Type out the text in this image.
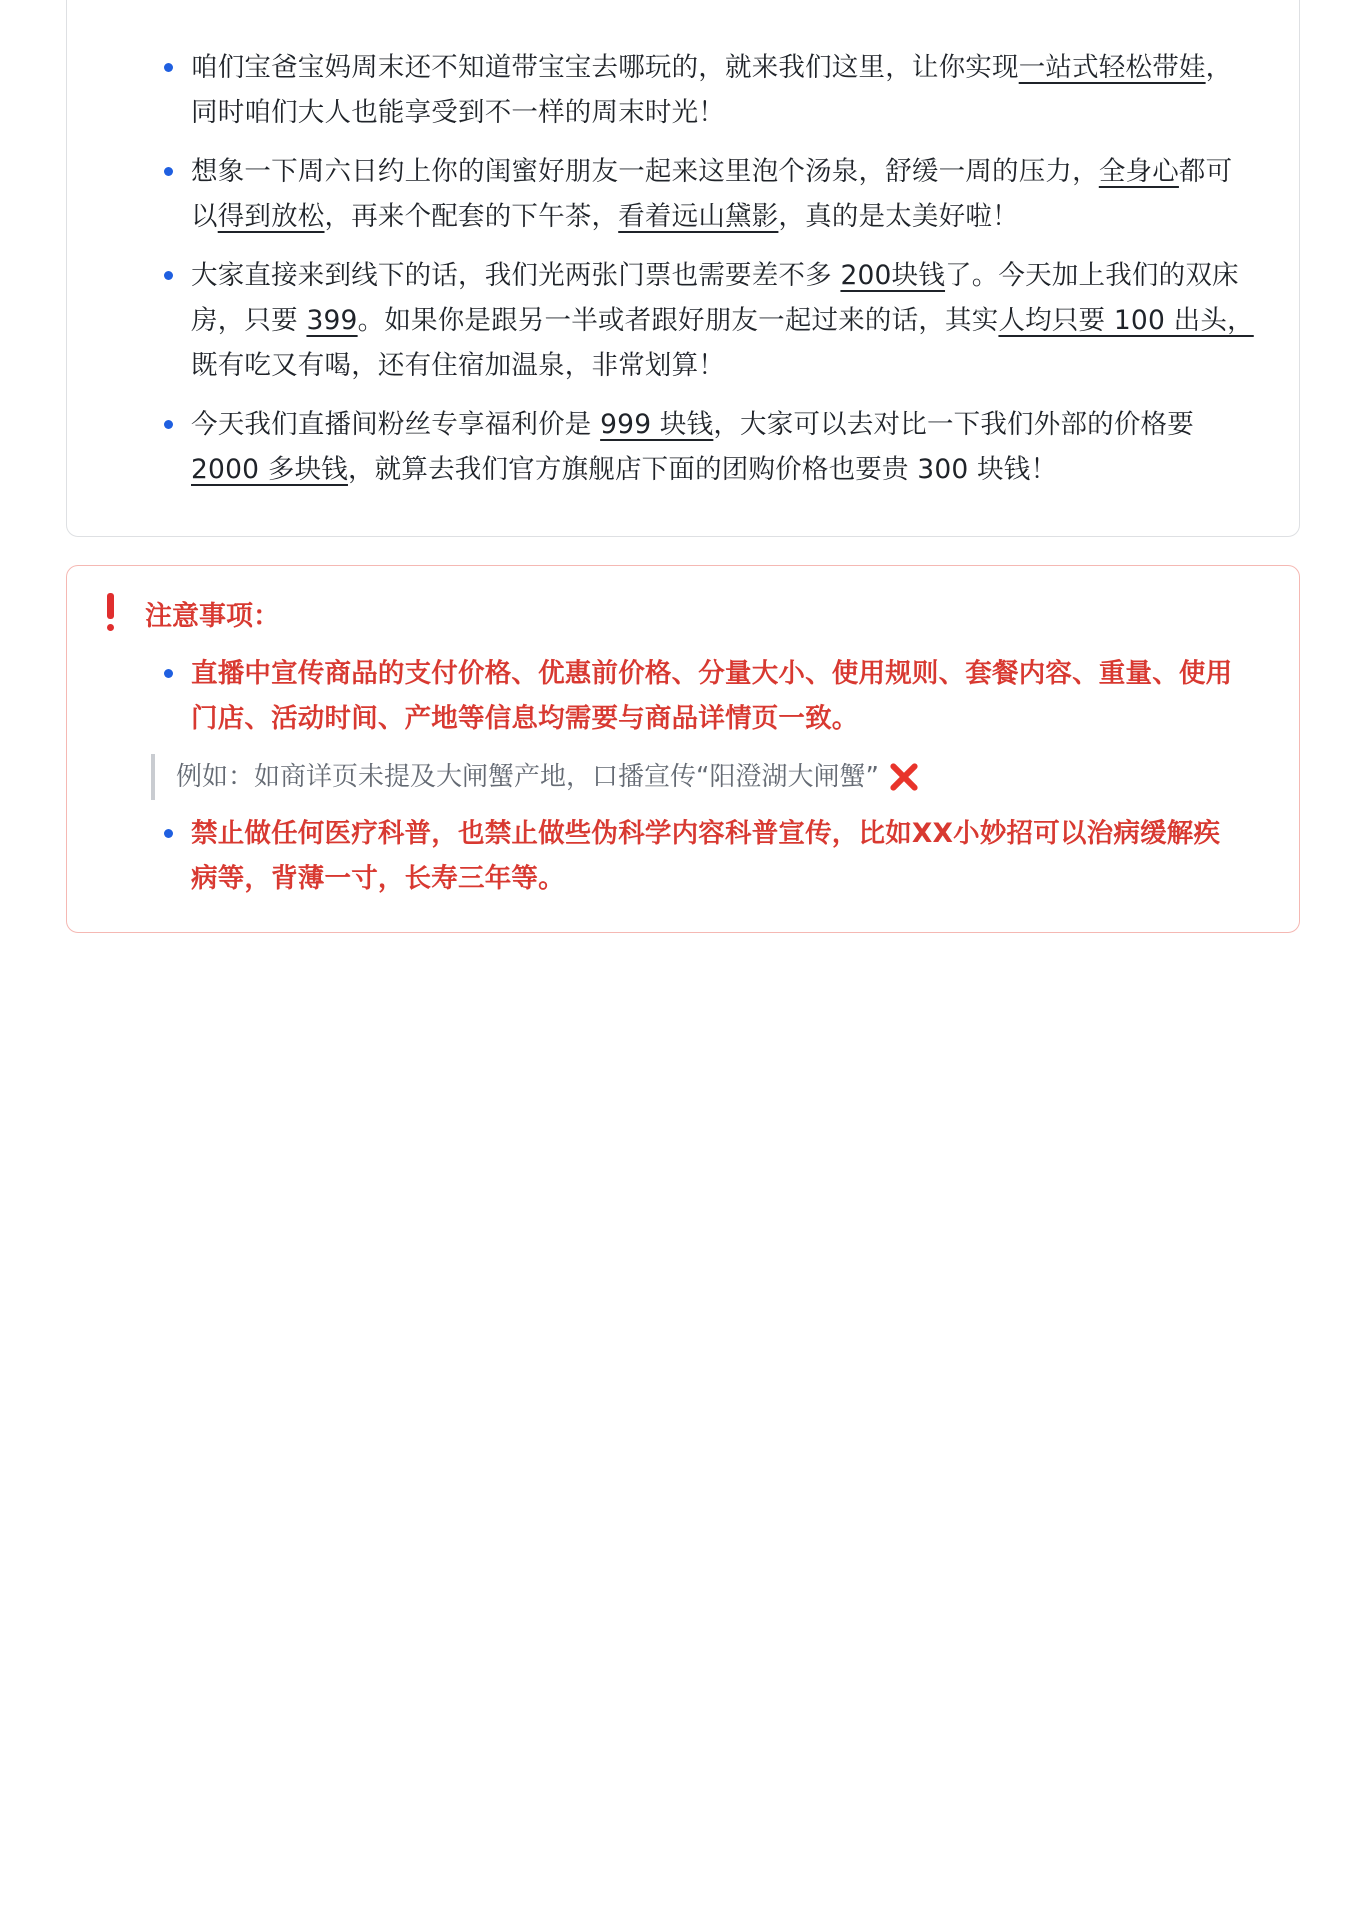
咱们宝爸宝妈周末还不知道带宝宝去哪玩的，就来我们这里，让你实现一站式轻松带娃，
同时咱们大人也能享受到不一样的周末时光！
想象一下周六日约上你的闺蜜好朋友一起来这里泡个汤泉，舒缓一周的压力，全身心都可
以得到放松，再来个配套的下午茶，看着远山黛影，真的是太美好啦！
大家直接来到线下的话，我们光两张门票也需要差不多 200块钱了。今天加上我们的双床
房，只要 399。如果你是跟另一半或者跟好朋友一起过来的话，其实人均只要 100 出头，
既有吃又有喝，还有住宿加温泉，非常划算！
今天我们直播间粉丝专享福利价是 999 块钱，大家可以去对比一下我们外部的价格要
2000 多块钱，就算去我们官方旗舰店下面的团购价格也要贵 300 块钱！
注意事项：
直播中宣传商品的支付价格、优惠前价格、分量大小、使用规则、套餐内容、重量、使用
门店、活动时间、产地等信息均需要与商品详情页一致。
禁止做任何医疗科普，也禁止做些伪科学内容科普宣传，比如XX小妙招可以治病缓解疾
病等，背薄一寸，长寿三年等。
例如：如商详页未提及大闸蟹产地，口播宣传“阳澄湖大闸蟹”
